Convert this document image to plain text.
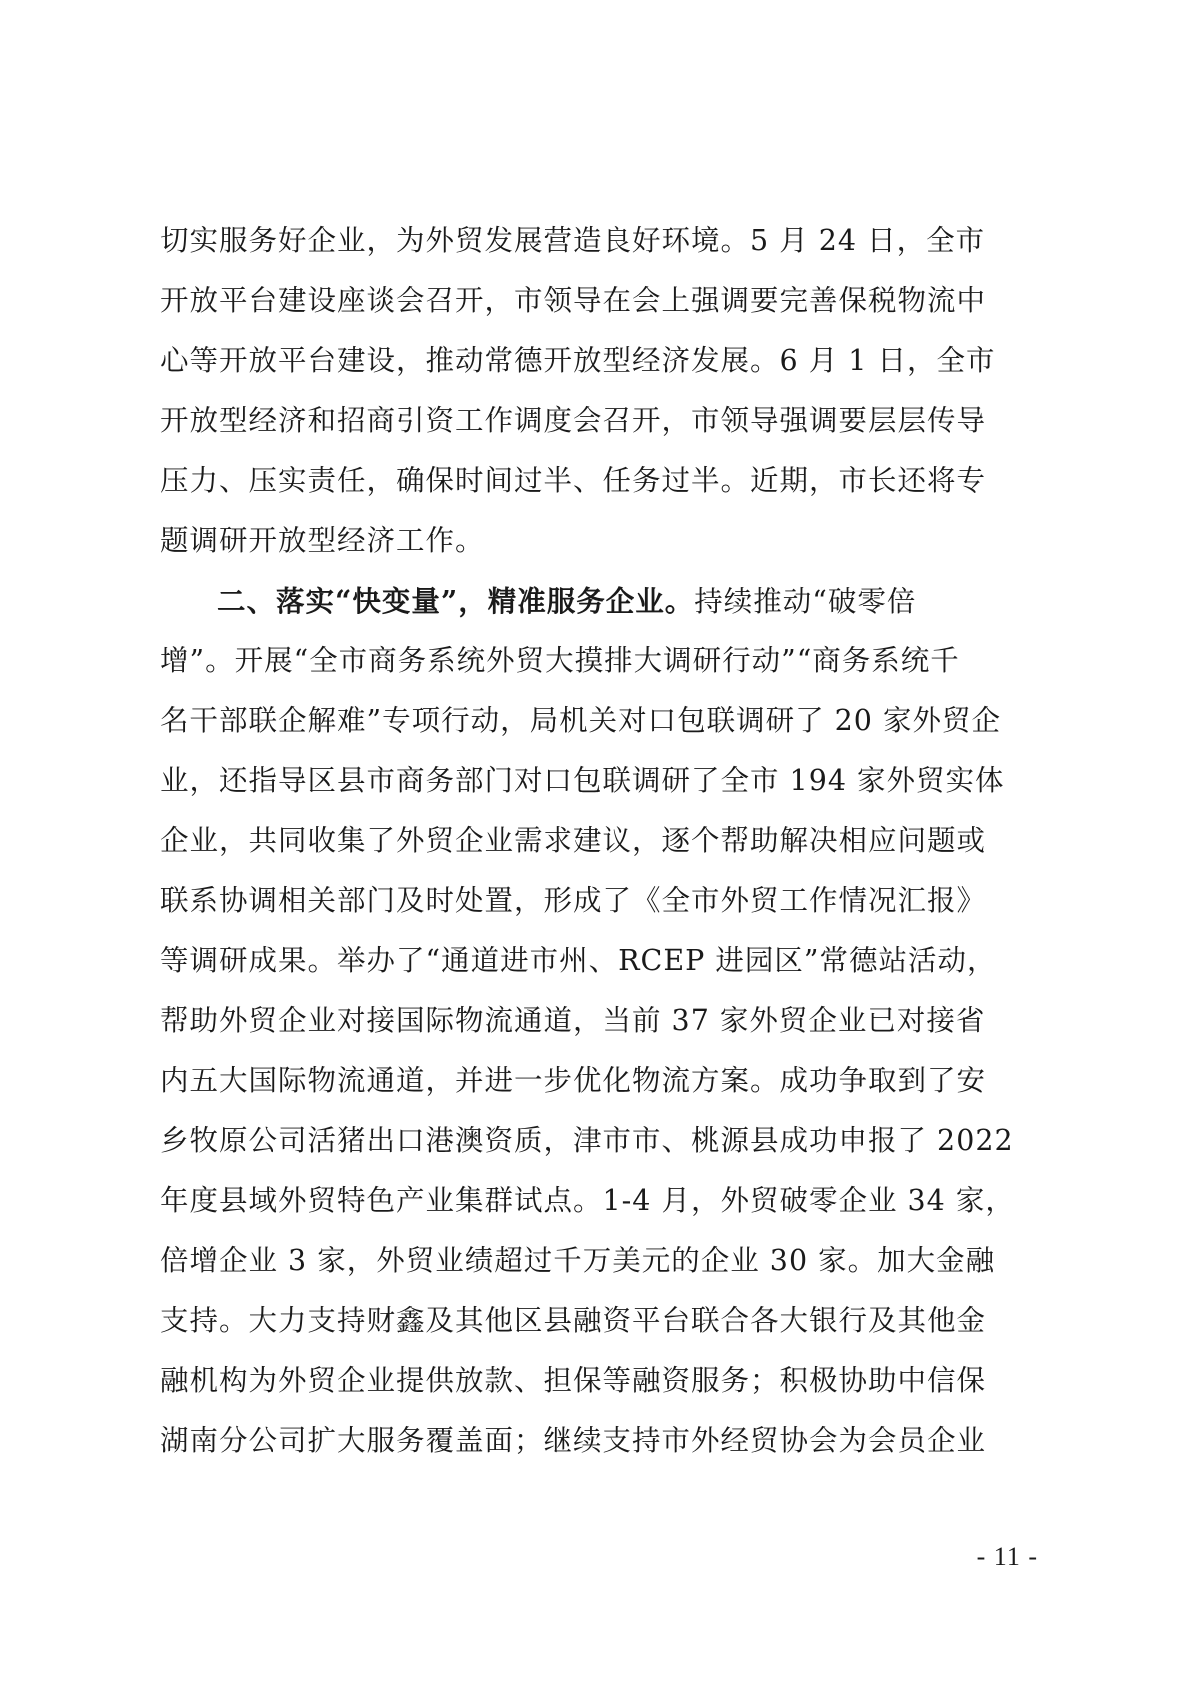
切实服务好企业，为外贸发展营造良好环境。5 月 24 日，全市
开放平台建设座谈会召开，市领导在会上强调要完善保税物流中
心等开放平台建设，推动常德开放型经济发展。6 月 1 日，全市
开放型经济和招商引资工作调度会召开，市领导强调要层层传导
压力、压实责任，确保时间过半、任务过半。近期，市长还将专
题调研开放型经济工作。
二、落实“快变量”，精准服务企业。持续推动“破零倍
增”。开展“全市商务系统外贸大摸排大调研行动”“商务系统千
名干部联企解难”专项行动，局机关对口包联调研了 20 家外贸企
业，还指导区县市商务部门对口包联调研了全市 194 家外贸实体
企业，共同收集了外贸企业需求建议，逐个帮助解决相应问题或
联系协调相关部门及时处置，形成了《全市外贸工作情况汇报》
等调研成果。举办了“通道进市州、RCEP 进园区”常德站活动，
帮助外贸企业对接国际物流通道，当前 37 家外贸企业已对接省
内五大国际物流通道，并进一步优化物流方案。成功争取到了安
乡牧原公司活猪出口港澳资质，津市市、桃源县成功申报了 2022
年度县域外贸特色产业集群试点。1-4 月，外贸破零企业 34 家，
倍增企业 3 家，外贸业绩超过千万美元的企业 30 家。加大金融
支持。大力支持财鑫及其他区县融资平台联合各大银行及其他金
融机构为外贸企业提供放款、担保等融资服务；积极协助中信保
湖南分公司扩大服务覆盖面；继续支持市外经贸协会为会员企业
- 11 -
